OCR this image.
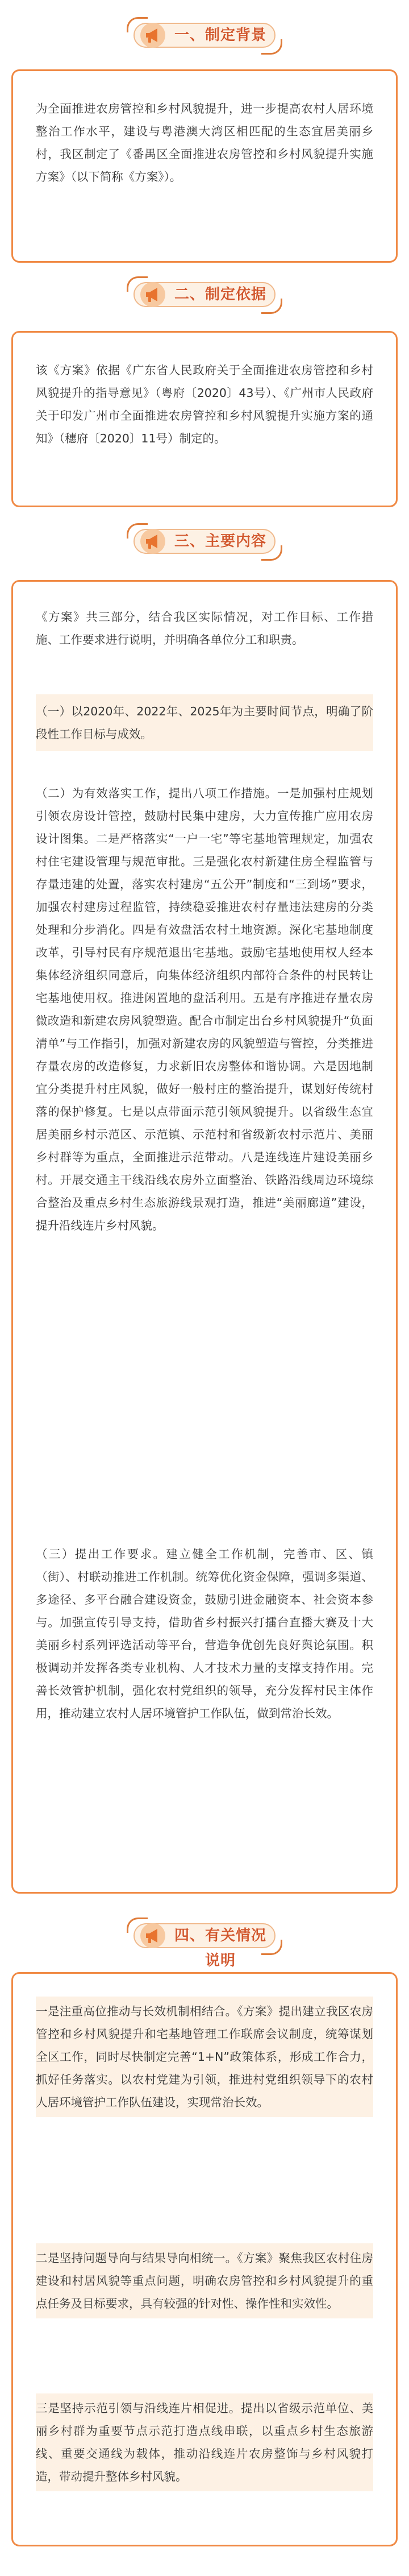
一、制定背景

为全面推进农房管控和乡村风貌提升，进一步提高农村人居环境整治工作水平，建设与粤港澳大湾区相匹配的生态宜居美丽乡村，我区制定了《番禺区全面推进农房管控和乡村风貌提升实施方案》（以下简称《方案》）。

二、制定依据

该《方案》依据《广东省人民政府关于全面推进农房管控和乡村风貌提升的指导意见》（粤府〔2020〕43号）、《广州市人民政府关于印发广州市全面推进农房管控和乡村风貌提升实施方案的通知》（穗府〔2020〕11号）制定的。

三、主要内容

《方案》共三部分，结合我区实际情况，对工作目标、工作措施、工作要求进行说明，并明确各单位分工和职责。

（一）以2020年、2022年、2025年为主要时间节点，明确了阶段性工作目标与成效。

（二）为有效落实工作，提出八项工作措施。一是加强村庄规划引领农房设计管控，鼓励村民集中建房，大力宣传推广应用农房设计图集。二是严格落实“一户一宅”等宅基地管理规定，加强农村住宅建设管理与规范审批。三是强化农村新建住房全程监管与存量违建的处置，落实农村建房“五公开”制度和“三到场”要求，加强农村建房过程监管，持续稳妥推进农村存量违法建房的分类处理和分步消化。四是有效盘活农村土地资源。深化宅基地制度改革，引导村民有序规范退出宅基地。鼓励宅基地使用权人经本集体经济组织同意后，向集体经济组织内部符合条件的村民转让宅基地使用权。推进闲置地的盘活利用。五是有序推进存量农房微改造和新建农房风貌塑造。配合市制定出台乡村风貌提升“负面清单”与工作指引，加强对新建农房的风貌塑造与管控，分类推进存量农房的改造修复，力求新旧农房整体和谐协调。六是因地制宜分类提升村庄风貌，做好一般村庄的整治提升，谋划好传统村落的保护修复。七是以点带面示范引领风貌提升。以省级生态宜居美丽乡村示范区、示范镇、示范村和省级新农村示范片、美丽乡村群等为重点，全面推进示范带动。八是连线连片建设美丽乡村。开展交通主干线沿线农房外立面整治、铁路沿线周边环境综合整治及重点乡村生态旅游线景观打造，推进“美丽廊道”建设，提升沿线连片乡村风貌。

（三）提出工作要求。建立健全工作机制，完善市、区、镇（街）、村联动推进工作机制。统筹优化资金保障，强调多渠道、多途径、多平台融合建设资金，鼓励引进金融资本、社会资本参与。加强宣传引导支持，借助省乡村振兴打擂台直播大赛及十大美丽乡村系列评选活动等平台，营造争优创先良好舆论氛围。积极调动并发挥各类专业机构、人才技术力量的支撑支持作用。完善长效管护机制，强化农村党组织的领导，充分发挥村民主体作用，推动建立农村人居环境管护工作队伍，做到常治长效。

四、有关情况说明

一是注重高位推动与长效机制相结合。《方案》提出建立我区农房管控和乡村风貌提升和宅基地管理工作联席会议制度，统筹谋划全区工作，同时尽快制定完善“1+N”政策体系，形成工作合力，抓好任务落实。以农村党建为引领，推进村党组织领导下的农村人居环境管护工作队伍建设，实现常治长效。

二是坚持问题导向与结果导向相统一。《方案》聚焦我区农村住房建设和村居风貌等重点问题，明确农房管控和乡村风貌提升的重点任务及目标要求，具有较强的针对性、操作性和实效性。

三是坚持示范引领与沿线连片相促进。提出以省级示范单位、美丽乡村群为重要节点示范打造点线串联，以重点乡村生态旅游线、重要交通线为载体，推动沿线连片农房整饰与乡村风貌打造，带动提升整体乡村风貌。
